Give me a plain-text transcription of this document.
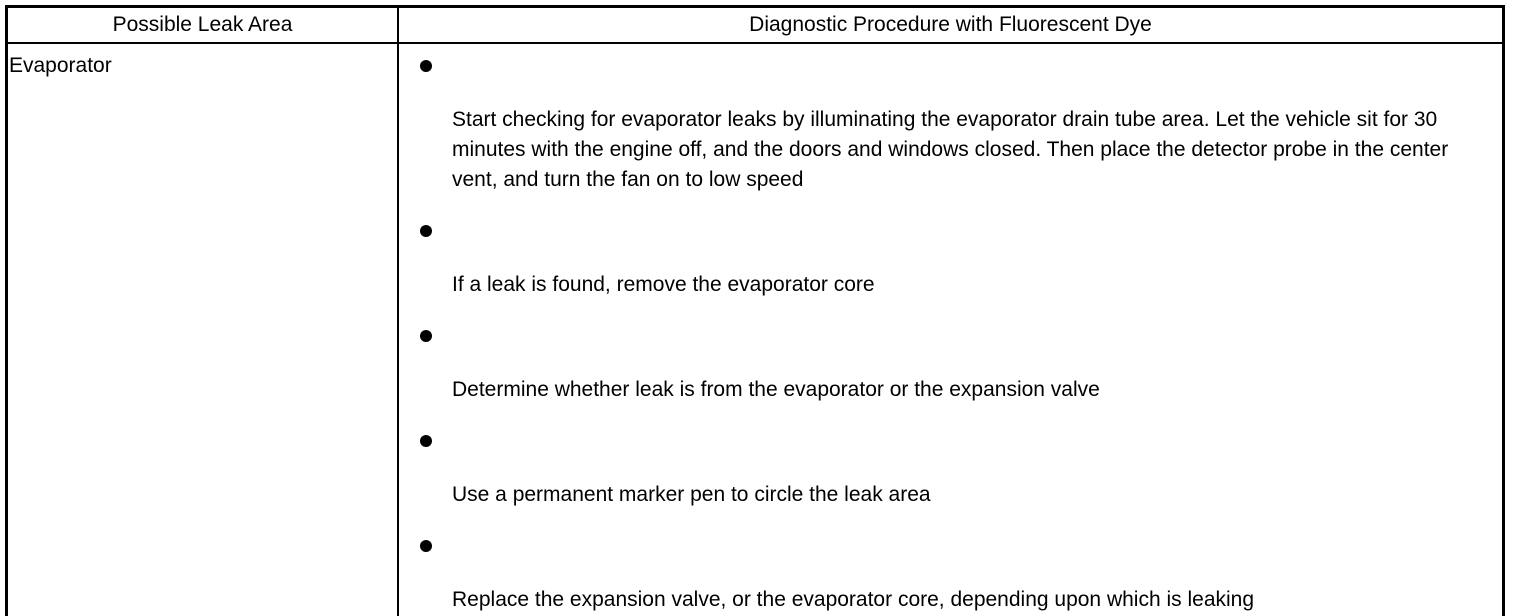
Possible Leak Area	Diagnostic Procedure with Fluorescent Dye
Evaporator
Start checking for evaporator leaks by illuminating the evaporator drain tube area. Let the vehicle sit for 30 minutes with the engine off, and the doors and windows closed. Then place the detector probe in the center vent, and turn the fan on to low speed
If a leak is found, remove the evaporator core
Determine whether leak is from the evaporator or the expansion valve
Use a permanent marker pen to circle the leak area
Replace the expansion valve, or the evaporator core, depending upon which is leaking
